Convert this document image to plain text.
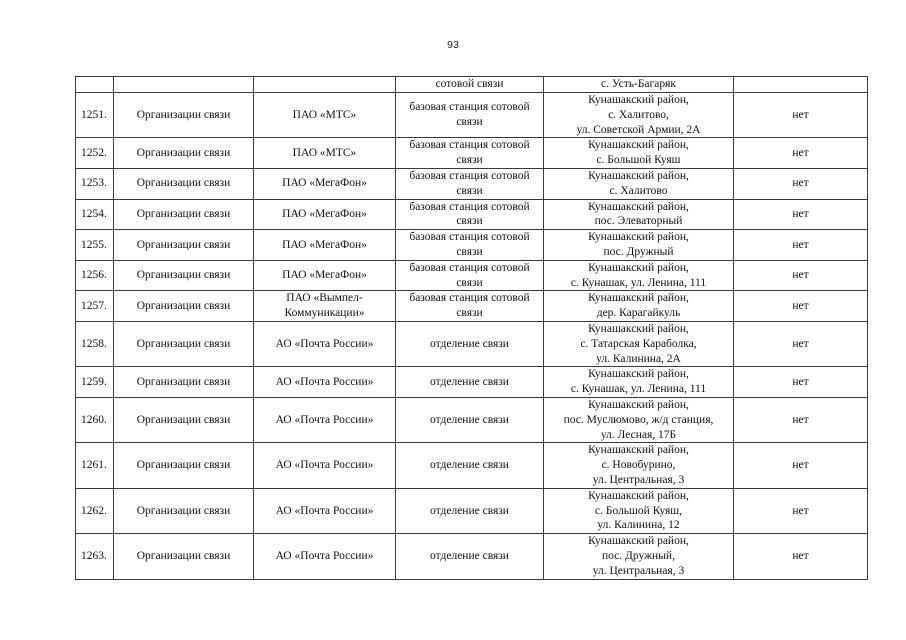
93
			сотовой связи	с. Усть-Багаряк	

1251.	Организации связи	ПАО «МТС»	базовая станция сотовой связи	Кунашакский район,
с. Халитово,
ул. Советской Армии, 2А	нет
1252.	Организации связи	ПАО «МТС»	базовая станция сотовой связи	Кунашакский район,
с. Большой Куяш	нет
1253.	Организации связи	ПАО «МегаФон»	базовая станция сотовой связи	Кунашакский район,
с. Халитово	нет
1254.	Организации связи	ПАО «МегаФон»	базовая станция сотовой связи	Кунашакский район,
пос. Элеваторный	нет
1255.	Организации связи	ПАО «МегаФон»	базовая станция сотовой связи	Кунашакский район,
пос. Дружный	нет
1256.	Организации связи	ПАО «МегаФон»	базовая станция сотовой связи	Кунашакский район,
с. Кунашак, ул. Ленина, 111	нет
1257.	Организации связи	ПАО «Вымпел-Коммуникации»	базовая станция сотовой связи	Кунашакский район,
дер. Карагайкуль	нет
1258.	Организации связи	АО «Почта России»	отделение связи	Кунашакский район,
с. Татарская Караболка,
ул. Калинина, 2А	нет
1259.	Организации связи	АО «Почта России»	отделение связи	Кунашакский район,
с. Кунашак, ул. Ленина, 111	нет
1260.	Организации связи	АО «Почта России»	отделение связи	Кунашакский район,
пос. Муслюмово, ж/д станция,
ул. Лесная, 17Б	нет
1261.	Организации связи	АО «Почта России»	отделение связи	Кунашакский район,
с. Новобурино,
ул. Центральная, 3	нет
1262.	Организации связи	АО «Почта России»	отделение связи	Кунашакский район,
с. Большой Куяш,
ул. Калинина, 12	нет
1263.	Организации связи	АО «Почта России»	отделение связи	Кунашакский район,
пос. Дружный,
ул. Центральная, 3	нет
